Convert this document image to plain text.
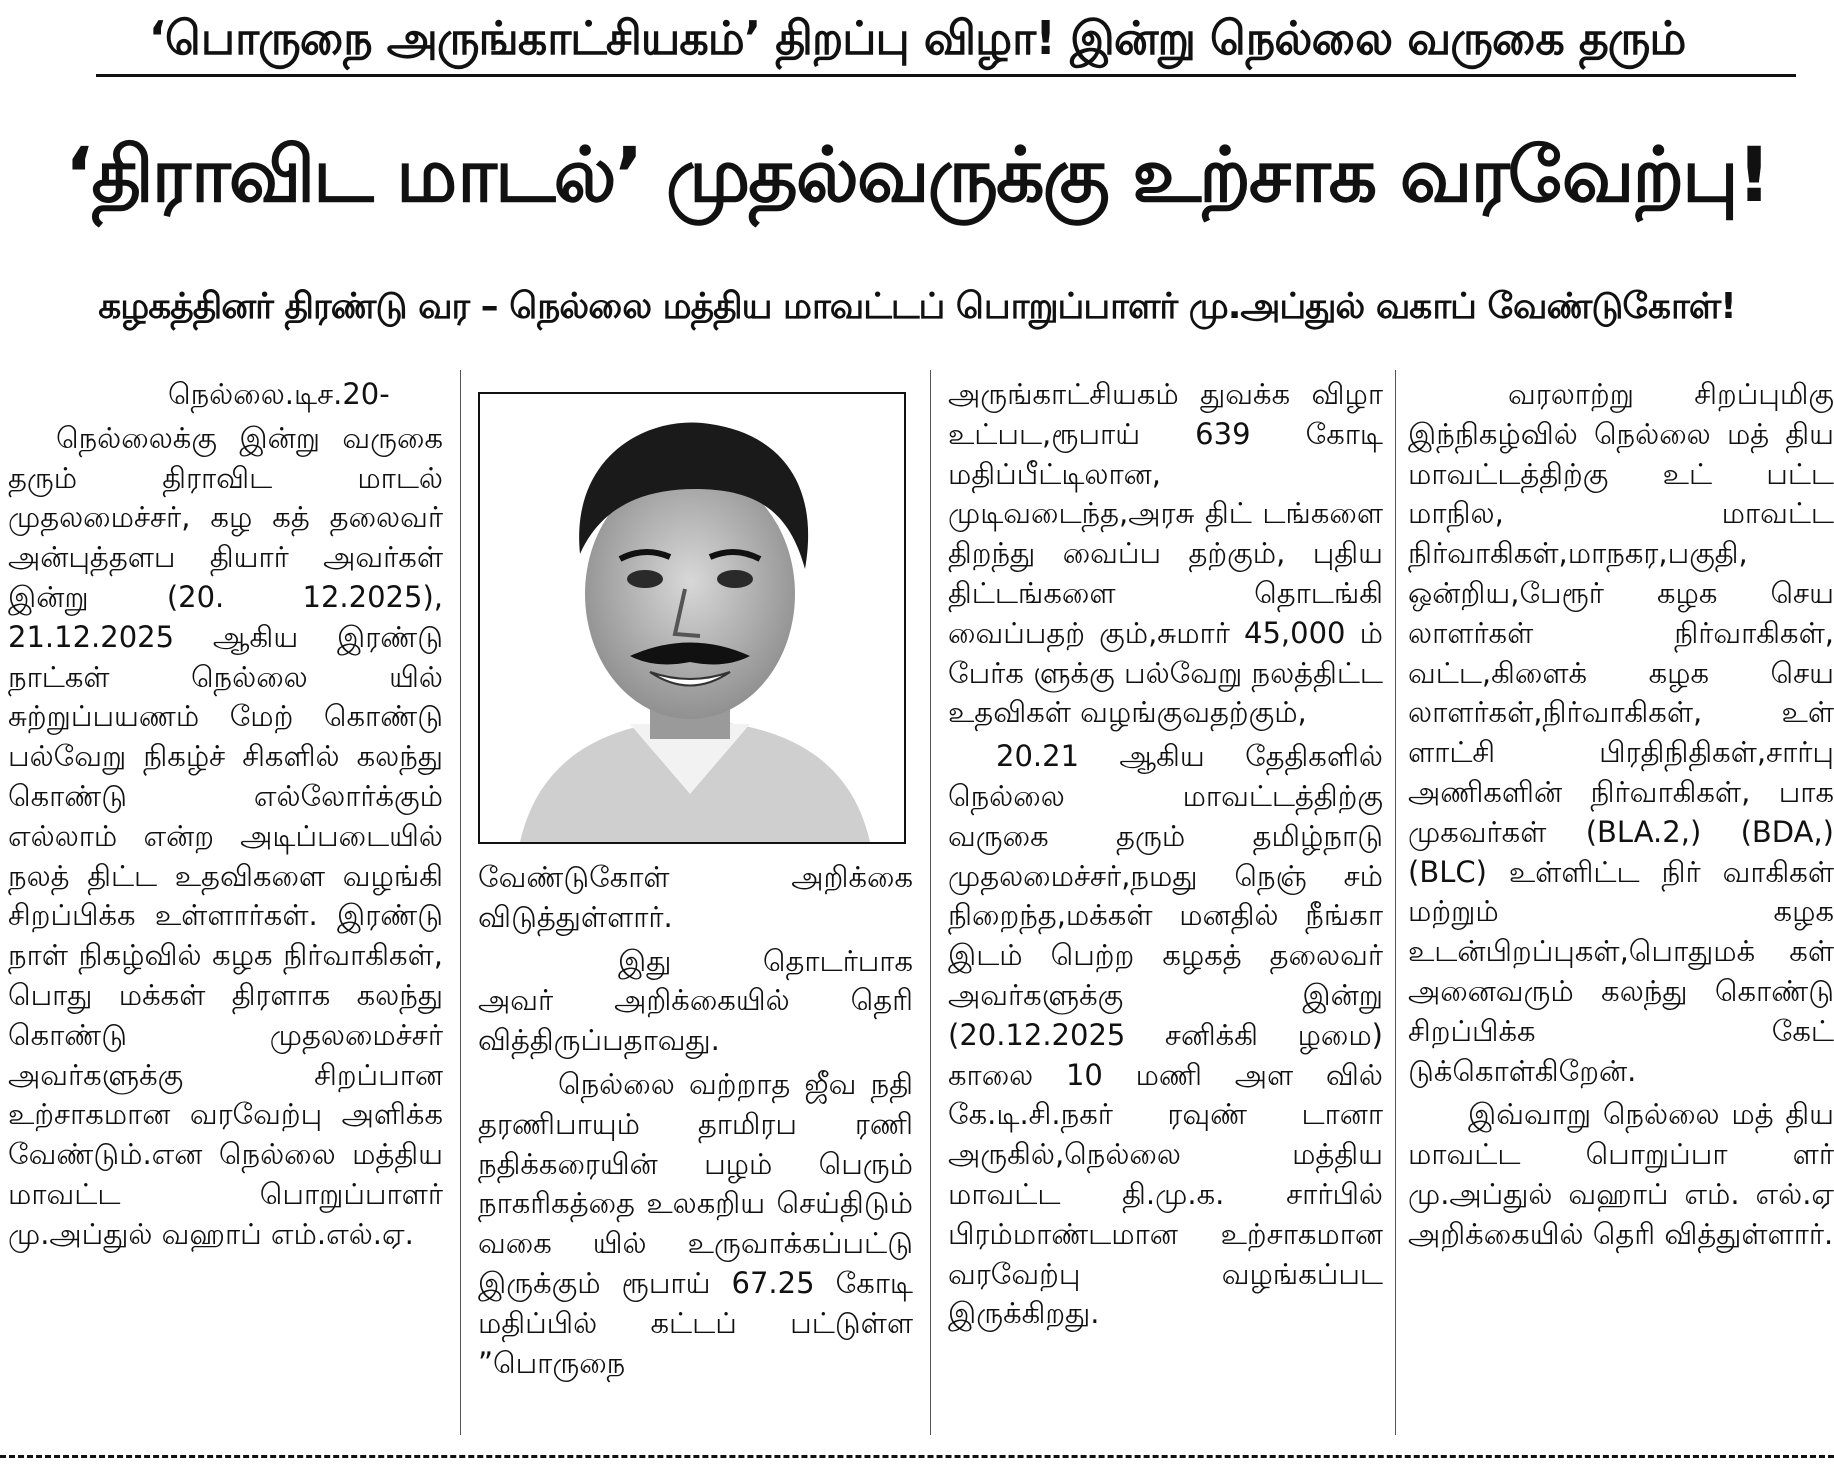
‘பொருநை அருங்காட்சியகம்’ திறப்பு விழா! இன்று நெல்லை வருகை தரும்
‘திராவிட மாடல்’ முதல்வருக்கு உற்சாக வரவேற்பு!
கழகத்தினர் திரண்டு வர – நெல்லை மத்திய மாவட்டப் பொறுப்பாளர் மு.அப்துல் வகாப் வேண்டுகோள்!

நெல்லை.டிச.20-

நெல்லைக்கு இன்று வருகை தரும் திராவிட மாடல் முதலமைச்சர், கழ கத் தலைவர் அன்புத்தளப தியார் அவர்கள் இன்று (20. 12.2025), 21.12.2025 ஆகிய இரண்டு நாட்கள் நெல்லை யில் சுற்றுப்பயணம் மேற் கொண்டு பல்வேறு நிகழ்ச் சிகளில் கலந்து கொண்டு எல்லோர்க்கும் எல்லாம் என்ற அடிப்படையில் நலத் திட்ட உதவிகளை வழங்கி சிறப்பிக்க உள்ளார்கள். இரண்டு நாள் நிகழ்வில் கழக நிர்வாகிகள், பொது மக்கள் திரளாக கலந்து கொண்டு முதலமைச்சர் அவர்களுக்கு சிறப்பான உற்சாகமான வரவேற்பு அளிக்க வேண்டும்.என நெல்லை மத்திய மாவட்ட பொறுப்பாளர் மு.அப்துல் வஹாப் எம்.எல்.ஏ.

வேண்டுகோள் அறிக்கை விடுத்துள்ளார்.

இது தொடர்பாக அவர் அறிக்கையில் தெரி வித்திருப்பதாவது.

நெல்லை வற்றாத ஜீவ நதி தரணிபாயும் தாமிரப ரணி நதிக்கரையின் பழம் பெரும் நாகரிகத்தை உலகறிய செய்திடும் வகை யில் உருவாக்கப்பட்டு இருக்கும் ரூபாய் 67.25 கோடி மதிப்பில் கட்டப் பட்டுள்ள ”பொருநை

அருங்காட்சியகம் துவக்க விழா உட்பட,ரூபாய் 639 கோடி மதிப்பீட்டிலான, முடிவடைந்த,அரசு திட் டங்களை திறந்து வைப்ப தற்கும், புதிய திட்டங்களை தொடங்கி வைப்பதற் கும்,சுமார் 45,000 ம் பேர்க ளுக்கு பல்வேறு நலத்திட்ட உதவிகள் வழங்குவதற்கும்,

20.21 ஆகிய தேதிகளில் நெல்லை மாவட்டத்திற்கு வருகை தரும் தமிழ்நாடு முதலமைச்சர்,நமது நெஞ் சம் நிறைந்த,மக்கள் மனதில் நீங்கா இடம் பெற்ற கழகத் தலைவர் அவர்களுக்கு இன்று (20.12.2025 சனிக்கி ழமை) காலை 10 மணி அள வில் கே.டி.சி.நகர் ரவுண் டானா அருகில்,நெல்லை மத்திய மாவட்ட தி.மு.க. சார்பில் பிரம்மாண்டமான உற்சாகமான வரவேற்பு வழங்கப்பட இருக்கிறது.

வரலாற்று சிறப்புமிகு இந்நிகழ்வில் நெல்லை மத் திய மாவட்டத்திற்கு உட் பட்ட மாநில, மாவட்ட நிர்வாகிகள்,மாநகர,பகுதி, ஒன்றிய,பேரூர் கழக செய லாளர்கள் நிர்வாகிகள், வட்ட,கிளைக் கழக செய லாளர்கள்,நிர்வாகிகள், உள் ளாட்சி பிரதிநிதிகள்,சார்பு அணிகளின் நிர்வாகிகள், பாக முகவர்கள் (BLA.2,) (BDA,) (BLC) உள்ளிட்ட நிர் வாகிகள் மற்றும் கழக உடன்பிறப்புகள்,பொதுமக் கள் அனைவரும் கலந்து கொண்டு சிறப்பிக்க கேட் டுக்கொள்கிறேன்.

இவ்வாறு நெல்லை மத் திய மாவட்ட பொறுப்பா ளர் மு.அப்துல் வஹாப் எம். எல்.ஏ அறிக்கையில் தெரி வித்துள்ளார்.
